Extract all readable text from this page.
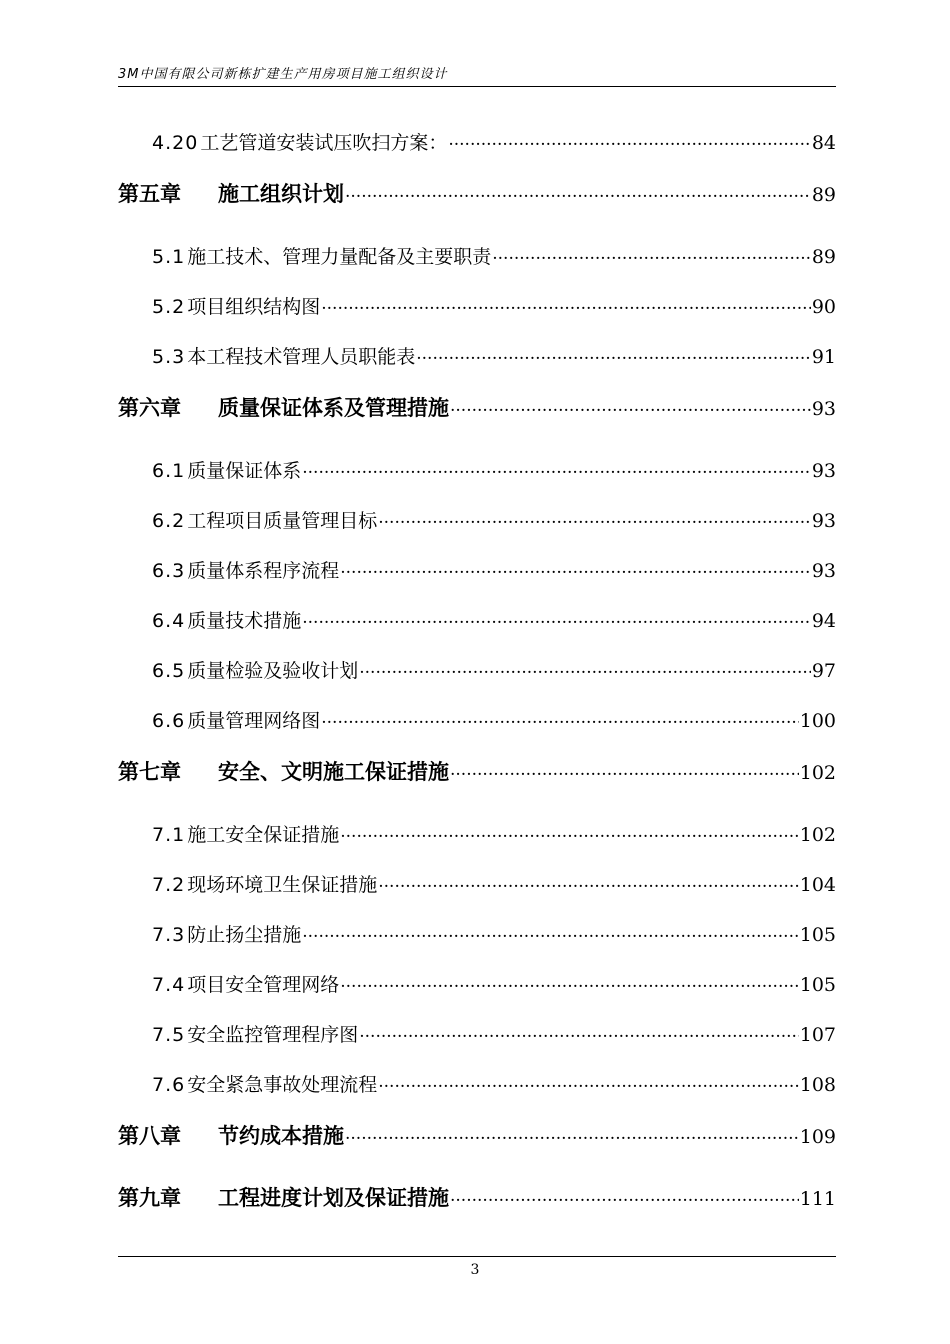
3M中国有限公司新栋扩建生产用房项目施工组织设计
4.20 工艺管道安装试压吹扫方案： .....	84
第五章	施工组织计划 .....	89
5.1 施工技术、管理力量配备及主要职责 .....	89
5.2 项目组织结构图 .....	90
5.3 本工程技术管理人员职能表 .....	91
第六章	质量保证体系及管理措施 .....	93
6.1 质量保证体系 .....	93
6.2 工程项目质量管理目标 .....	93
6.3 质量体系程序流程 .....	93
6.4 质量技术措施 .....	94
6.5 质量检验及验收计划 .....	97
6.6 质量管理网络图 .....	100
第七章	安全、文明施工保证措施 .....	102
7.1 施工安全保证措施 .....	102
7.2 现场环境卫生保证措施 .....	104
7.3 防止扬尘措施 .....	105
7.4 项目安全管理网络 .....	105
7.5 安全监控管理程序图 .....	107
7.6 安全紧急事故处理流程 .....	108
第八章	节约成本措施 .....	109
第九章	工程进度计划及保证措施 .....	111
3
